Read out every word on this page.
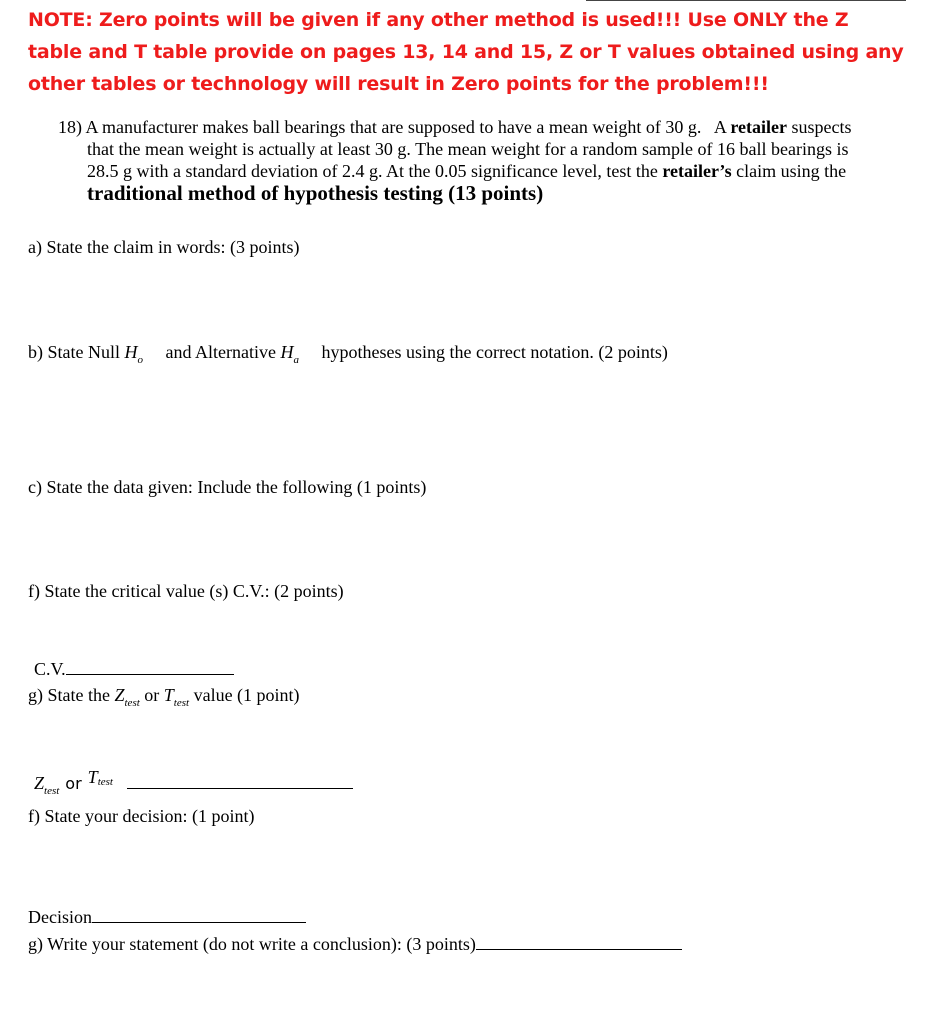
NOTE: Zero points will be given if any other method is used!!! Use ONLY the Z table and T table provide on pages 13, 14 and 15, Z or T values obtained using any other tables or technology will result in Zero points for the problem!!!
18) A manufacturer makes ball bearings that are supposed to have a mean weight of 30 g. A retailer suspects that the mean weight is actually at least 30 g. The mean weight for a random sample of 16 ball bearings is 28.5 g with a standard deviation of 2.4 g. At the 0.05 significance level, test the retailer’s claim using the traditional method of hypothesis testing (13 points)
a) State the claim in words: (3 points)
b) State Null $H_o$ and Alternative $H_a$ hypotheses using the correct notation. (2 points)
c) State the data given: Include the following (1 points)
f) State the critical value (s) C.V.: (2 points)
C.V.
g) State the $Z_{test}$ or $T_{test}$ value (1 point)
$Z_{test}$ or $T^{test}$
f) State your decision: (1 point)
Decision
g) Write your statement (do not write a conclusion): (3 points)
